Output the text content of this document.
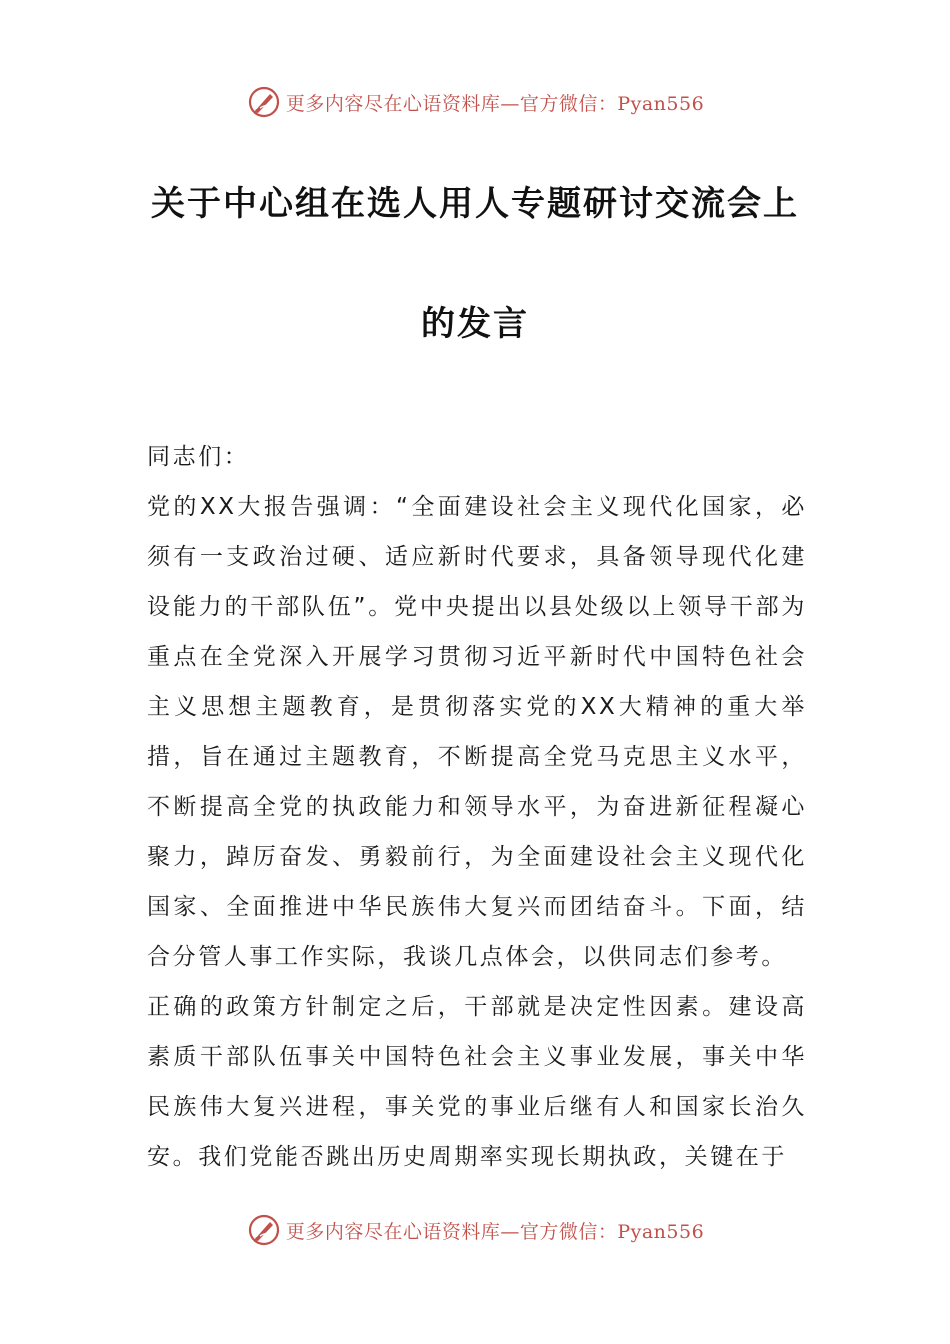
更多内容尽在心语资料库—官方微信：Pyan556
关于中心组在选人用人专题研讨交流会上
的发言

同志们：

党的XX大报告强调：“全面建设社会主义现代化国家，必须有一支政治过硬、适应新时代要求，具备领导现代化建设能力的干部队伍”。党中央提出以县处级以上领导干部为重点在全党深入开展学习贯彻习近平新时代中国特色社会主义思想主题教育，是贯彻落实党的XX大精神的重大举措，旨在通过主题教育，不断提高全党马克思主义水平，不断提高全党的执政能力和领导水平，为奋进新征程凝心聚力，踔厉奋发、勇毅前行，为全面建设社会主义现代化国家、全面推进中华民族伟大复兴而团结奋斗。下面，结合分管人事工作实际，我谈几点体会，以供同志们参考。

正确的政策方针制定之后，干部就是决定性因素。建设高素质干部队伍事关中国特色社会主义事业发展，事关中华民族伟大复兴进程，事关党的事业后继有人和国家长治久安。我们党能否跳出历史周期率实现长期执政，关键在于

更多内容尽在心语资料库—官方微信：Pyan556
